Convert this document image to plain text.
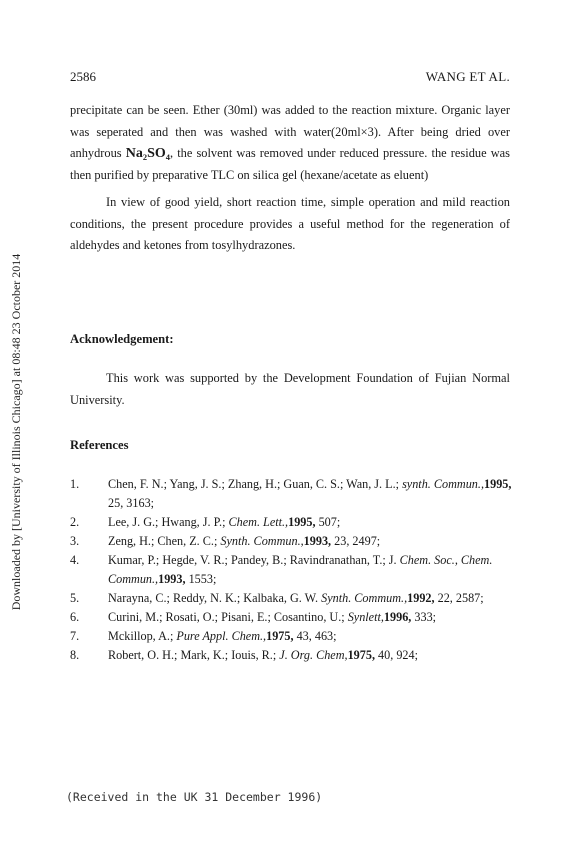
Downloaded by [University of Illinois Chicago] at 08:48 23 October 2014
2586	WANG ET AL.

precipitate can be seen. Ether (30ml) was added to the reaction mixture. Organic layer was seperated and then was washed with water(20ml×3). After being dried over anhydrous Na₂SO₄, the solvent was removed under reduced pressure. the residue was then purified by preparative TLC on silica gel (hexane/acetate as eluent)

In view of good yield, short reaction time, simple operation and mild reaction conditions, the present procedure provides a useful method for the regeneration of aldehydes and ketones from tosylhydrazones.

Acknowledgement:
This work was supported by the Development Foundation of Fujian Normal University.
References
1.	Chen, F. N.; Yang, J. S.; Zhang, H.; Guan, C. S.; Wan, J. L.; synth. Commun.,1995, 25, 3163;
2.	Lee, J. G.; Hwang, J. P.; Chem. Lett.,1995, 507;
3.	Zeng, H.; Chen, Z. C.; Synth. Commun.,1993, 23, 2497;
4.	Kumar, P.; Hegde, V. R.; Pandey, B.; Ravindranathan, T.; J. Chem. Soc., Chem. Commun.,1993, 1553;
5.	Narayna, C.; Reddy, N. K.; Kalbaka, G. W. Synth. Commum.,1992, 22, 2587;
6.	Curini, M.; Rosati, O.; Pisani, E.; Cosantino, U.; Synlett,1996, 333;
7.	Mckillop, A.; Pure Appl. Chem.,1975, 43, 463;
8.	Robert, O. H.; Mark, K.; Iouis, R.; J. Org. Chem,1975, 40, 924;
(Received in the UK 31 December 1996)
